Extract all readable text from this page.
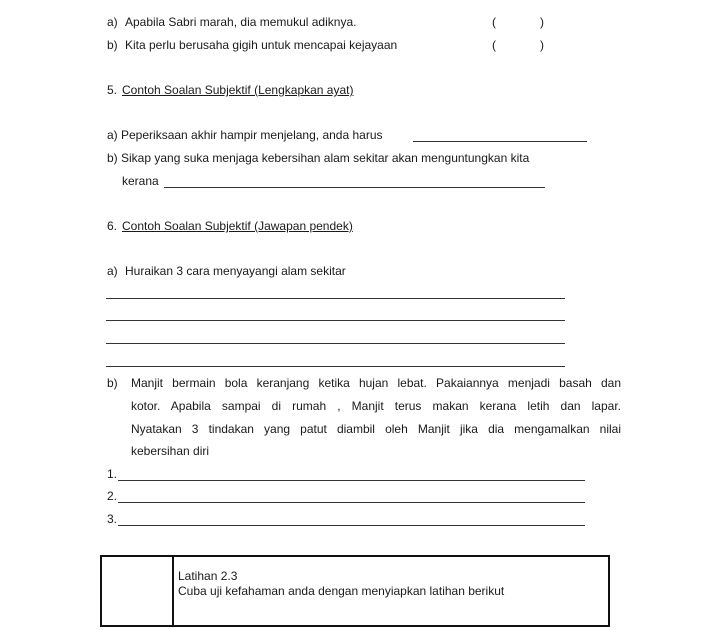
a) Apabila Sabri marah, dia memukul adiknya.	(	)
b) Kita perlu berusaha gigih untuk mencapai kejayaan	(	)
5. Contoh Soalan Subjektif (Lengkapkan ayat)
a) Peperiksaan akhir hampir menjelang, anda harus
b) Sikap yang suka menjaga kebersihan alam sekitar akan menguntungkan kita
kerana
6. Contoh Soalan Subjektif (Jawapan pendek)
a) Huraikan 3 cara menyayangi alam sekitar
b) Manjit bermain bola keranjang ketika hujan lebat. Pakaiannya menjadi basah dan
kotor. Apabila sampai di rumah , Manjit terus makan kerana letih dan lapar.
Nyatakan 3 tindakan yang patut diambil oleh Manjit jika dia mengamalkan nilai
kebersihan diri
1.
2.
3.
Latihan 2.3
Cuba uji kefahaman anda dengan menyiapkan latihan berikut
